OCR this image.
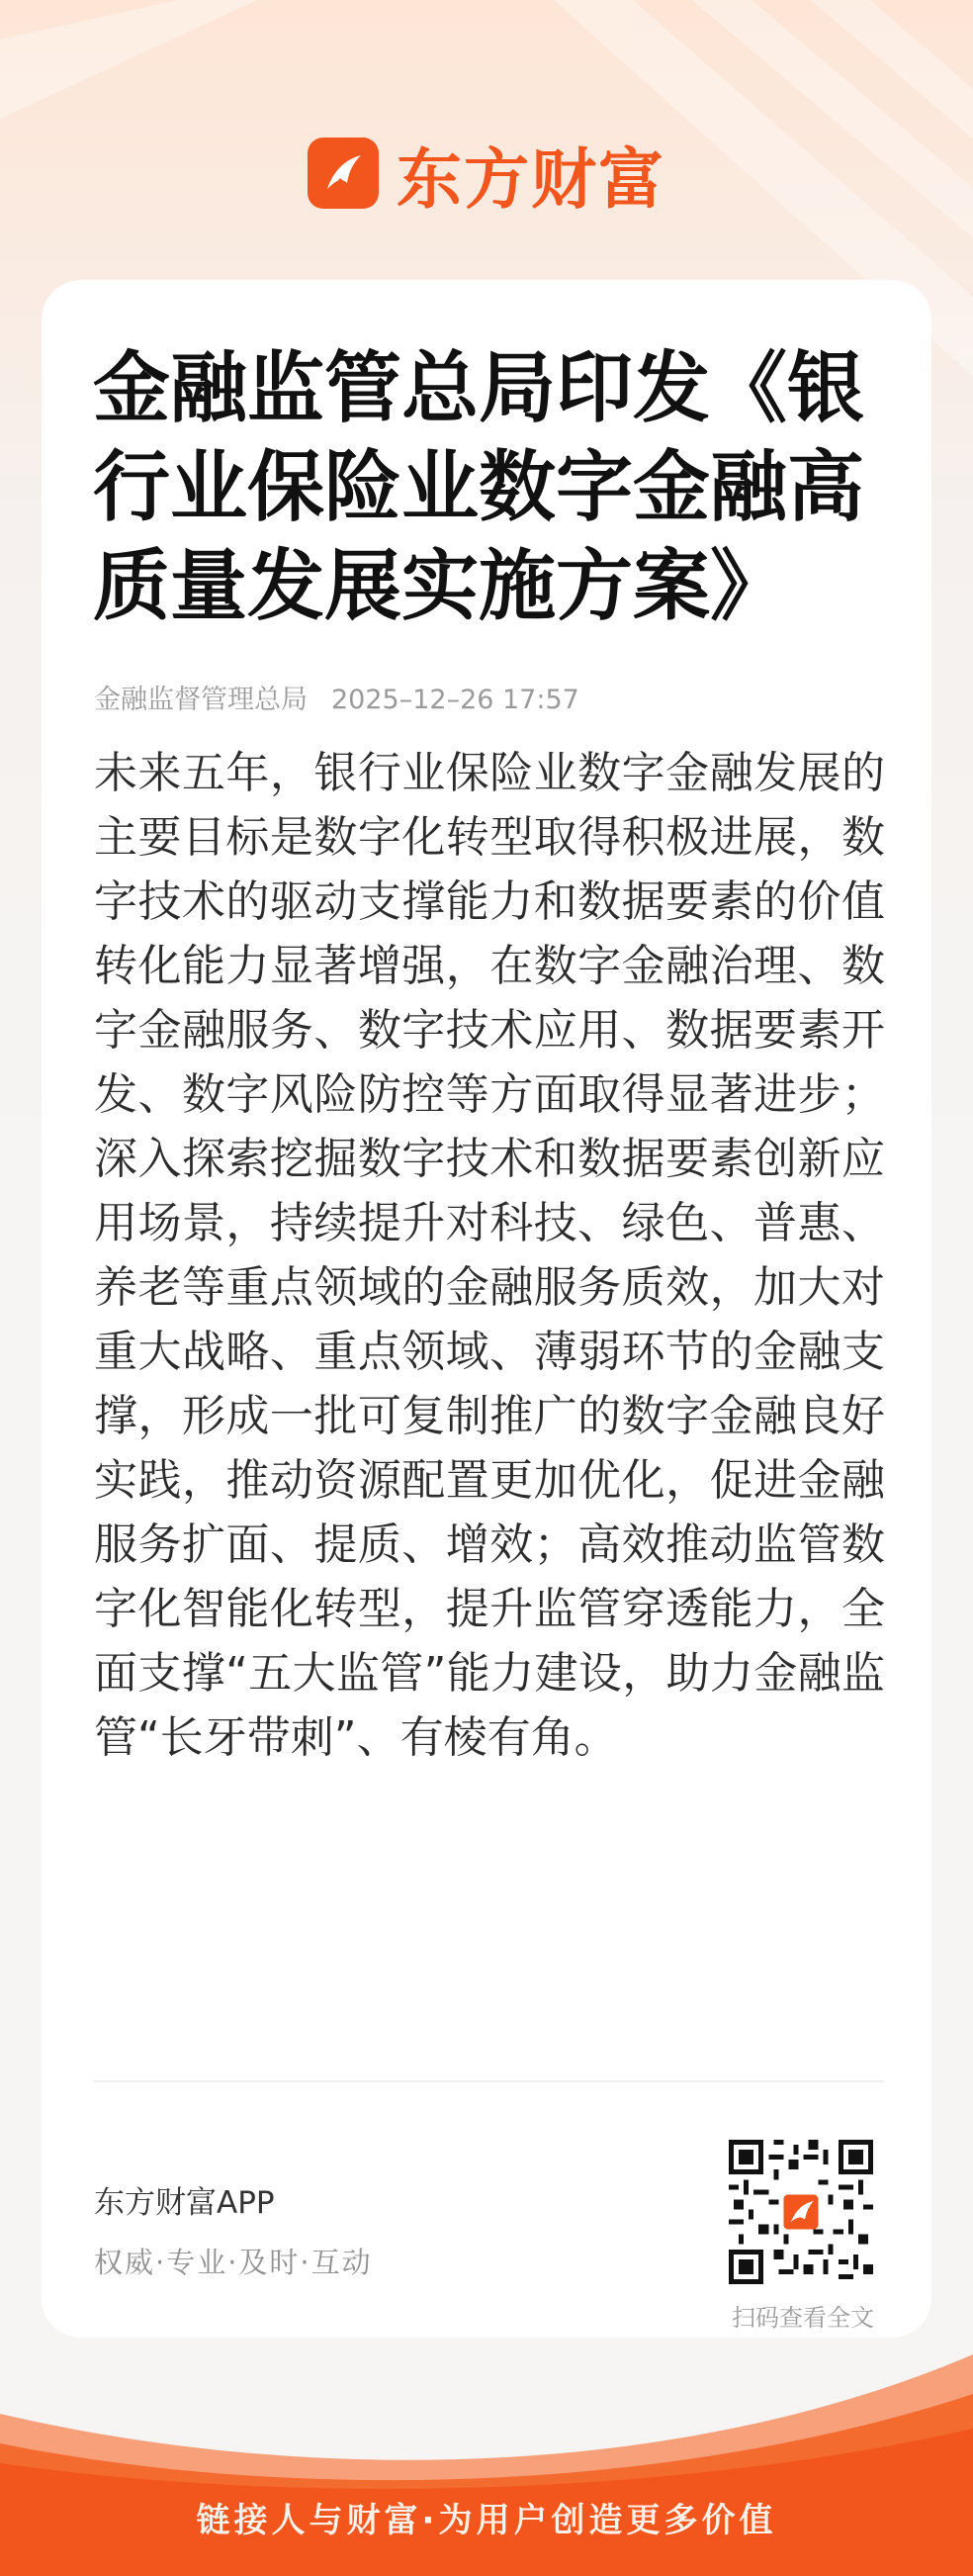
东方财富
金融监管总局印发《银行业保险业数字金融高质量发展实施方案》
金融监督管理总局 2025–12–26 17:57

未来五年，银行业保险业数字金融发展的主要目标是数字化转型取得积极进展，数字技术的驱动支撑能力和数据要素的价值转化能力显著增强，在数字金融治理、数字金融服务、数字技术应用、数据要素开发、数字风险防控等方面取得显著进步；深入探索挖掘数字技术和数据要素创新应用场景，持续提升对科技、绿色、普惠、养老等重点领域的金融服务质效，加大对重大战略、重点领域、薄弱环节的金融支撑，形成一批可复制推广的数字金融良好实践，推动资源配置更加优化，促进金融服务扩面、提质、增效；高效推动监管数字化智能化转型，提升监管穿透能力，全面支撑“五大监管”能力建设，助力金融监管“长牙带刺”、有棱有角。

东方财富APP
权威·专业·及时·互动
扫码查看全文
链接人与财富·为用户创造更多价值
